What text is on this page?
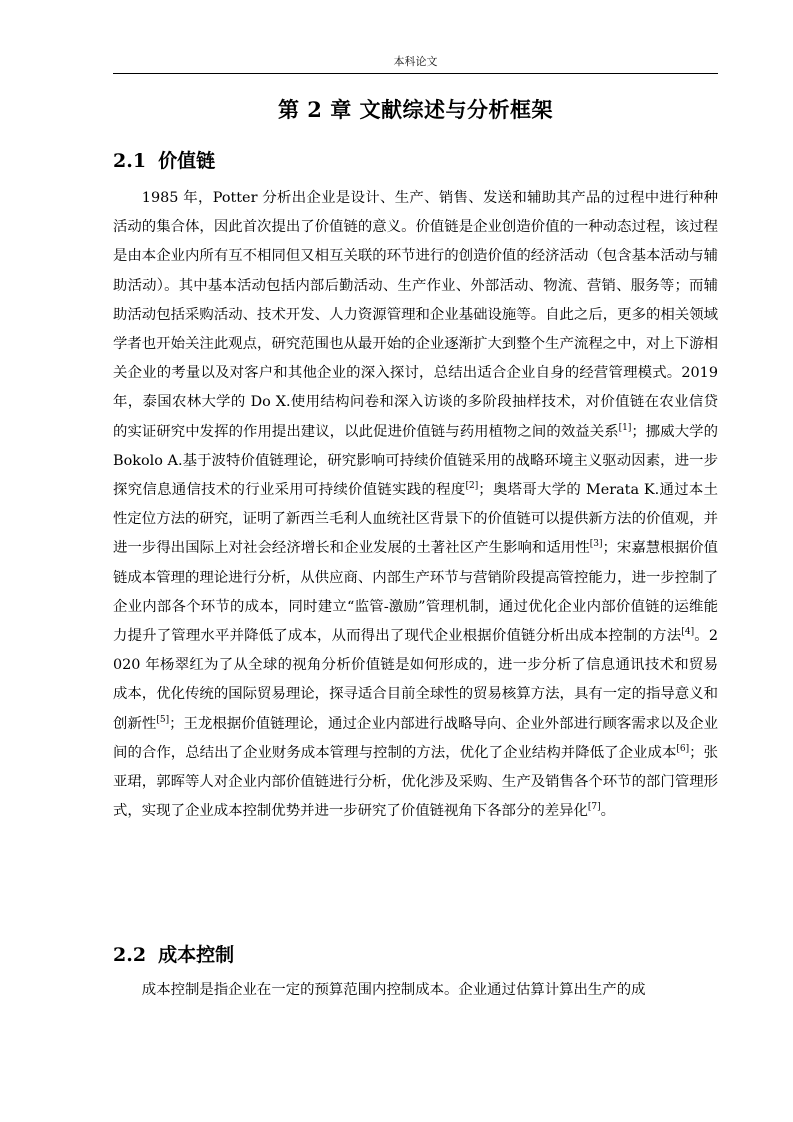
本科论文
第 2 章 文献综述与分析框架
2.1 价值链
1985 年，Potter 分析出企业是设计、生产、销售、发送和辅助其产品的过程中进行种种活动的集合体，因此首次提出了价值链的意义。价值链是企业创造价值的一种动态过程，该过程是由本企业内所有互不相同但又相互关联的环节进行的创造价值的经济活动（包含基本活动与辅助活动）。其中基本活动包括内部后勤活动、生产作业、外部活动、物流、营销、服务等；而辅助活动包括采购活动、技术开发、人力资源管理和企业基础设施等。自此之后，更多的相关领域学者也开始关注此观点，研究范围也从最开始的企业逐渐扩大到整个生产流程之中，对上下游相关企业的考量以及对客户和其他企业的深入探讨，总结出适合企业自身的经营管理模式。2019 年，泰国农林大学的 Do X.使用结构问卷和深入访谈的多阶段抽样技术，对价值链在农业信贷的实证研究中发挥的作用提出建议，以此促进价值链与药用植物之间的效益关系[1]；挪威大学的 Bokolo A.基于波特价值链理论，研究影响可持续价值链采用的战略环境主义驱动因素，进一步探究信息通信技术的行业采用可持续价值链实践的程度[2]；奥塔哥大学的 Merata K.通过本土性定位方法的研究，证明了新西兰毛利人血统社区背景下的价值链可以提供新方法的价值观，并进一步得出国际上对社会经济增长和企业发展的土著社区产生影响和适用性[3]；宋嘉慧根据价值链成本管理的理论进行分析，从供应商、内部生产环节与营销阶段提高管控能力，进一步控制了企业内部各个环节的成本，同时建立“监管-激励”管理机制，通过优化企业内部价值链的运维能力提升了管理水平并降低了成本，从而得出了现代企业根据价值链分析出成本控制的方法[4]。2020 年杨翠红为了从全球的视角分析价值链是如何形成的，进一步分析了信息通讯技术和贸易成本，优化传统的国际贸易理论，探寻适合目前全球性的贸易核算方法，具有一定的指导意义和创新性[5]；王龙根据价值链理论，通过企业内部进行战略导向、企业外部进行顾客需求以及企业间的合作，总结出了企业财务成本管理与控制的方法，优化了企业结构并降低了企业成本[6]；张亚珺，郭晖等人对企业内部价值链进行分析，优化涉及采购、生产及销售各个环节的部门管理形式，实现了企业成本控制优势并进一步研究了价值链视角下各部分的差异化[7]。
2.2 成本控制
成本控制是指企业在一定的预算范围内控制成本。企业通过估算计算出生产的成
